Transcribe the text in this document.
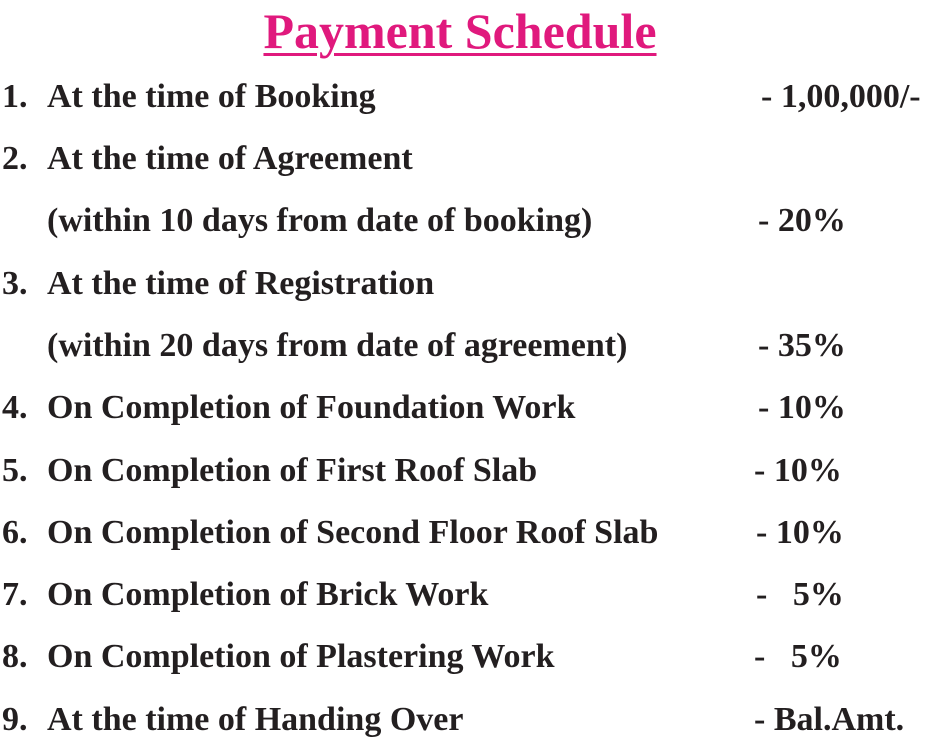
Payment Schedule
1. At the time of Booking	- 1,00,000/-
2. At the time of Agreement
(within 10 days from date of booking)	- 20%
3. At the time of Registration
(within 20 days from date of agreement)	- 35%
4. On Completion of Foundation Work	- 10%
5. On Completion of First Roof Slab	- 10%
6. On Completion of Second Floor Roof Slab	- 10%
7. On Completion of Brick Work	-   5%
8. On Completion of Plastering Work	-   5%
9. At the time of Handing Over	- Bal.Amt.
